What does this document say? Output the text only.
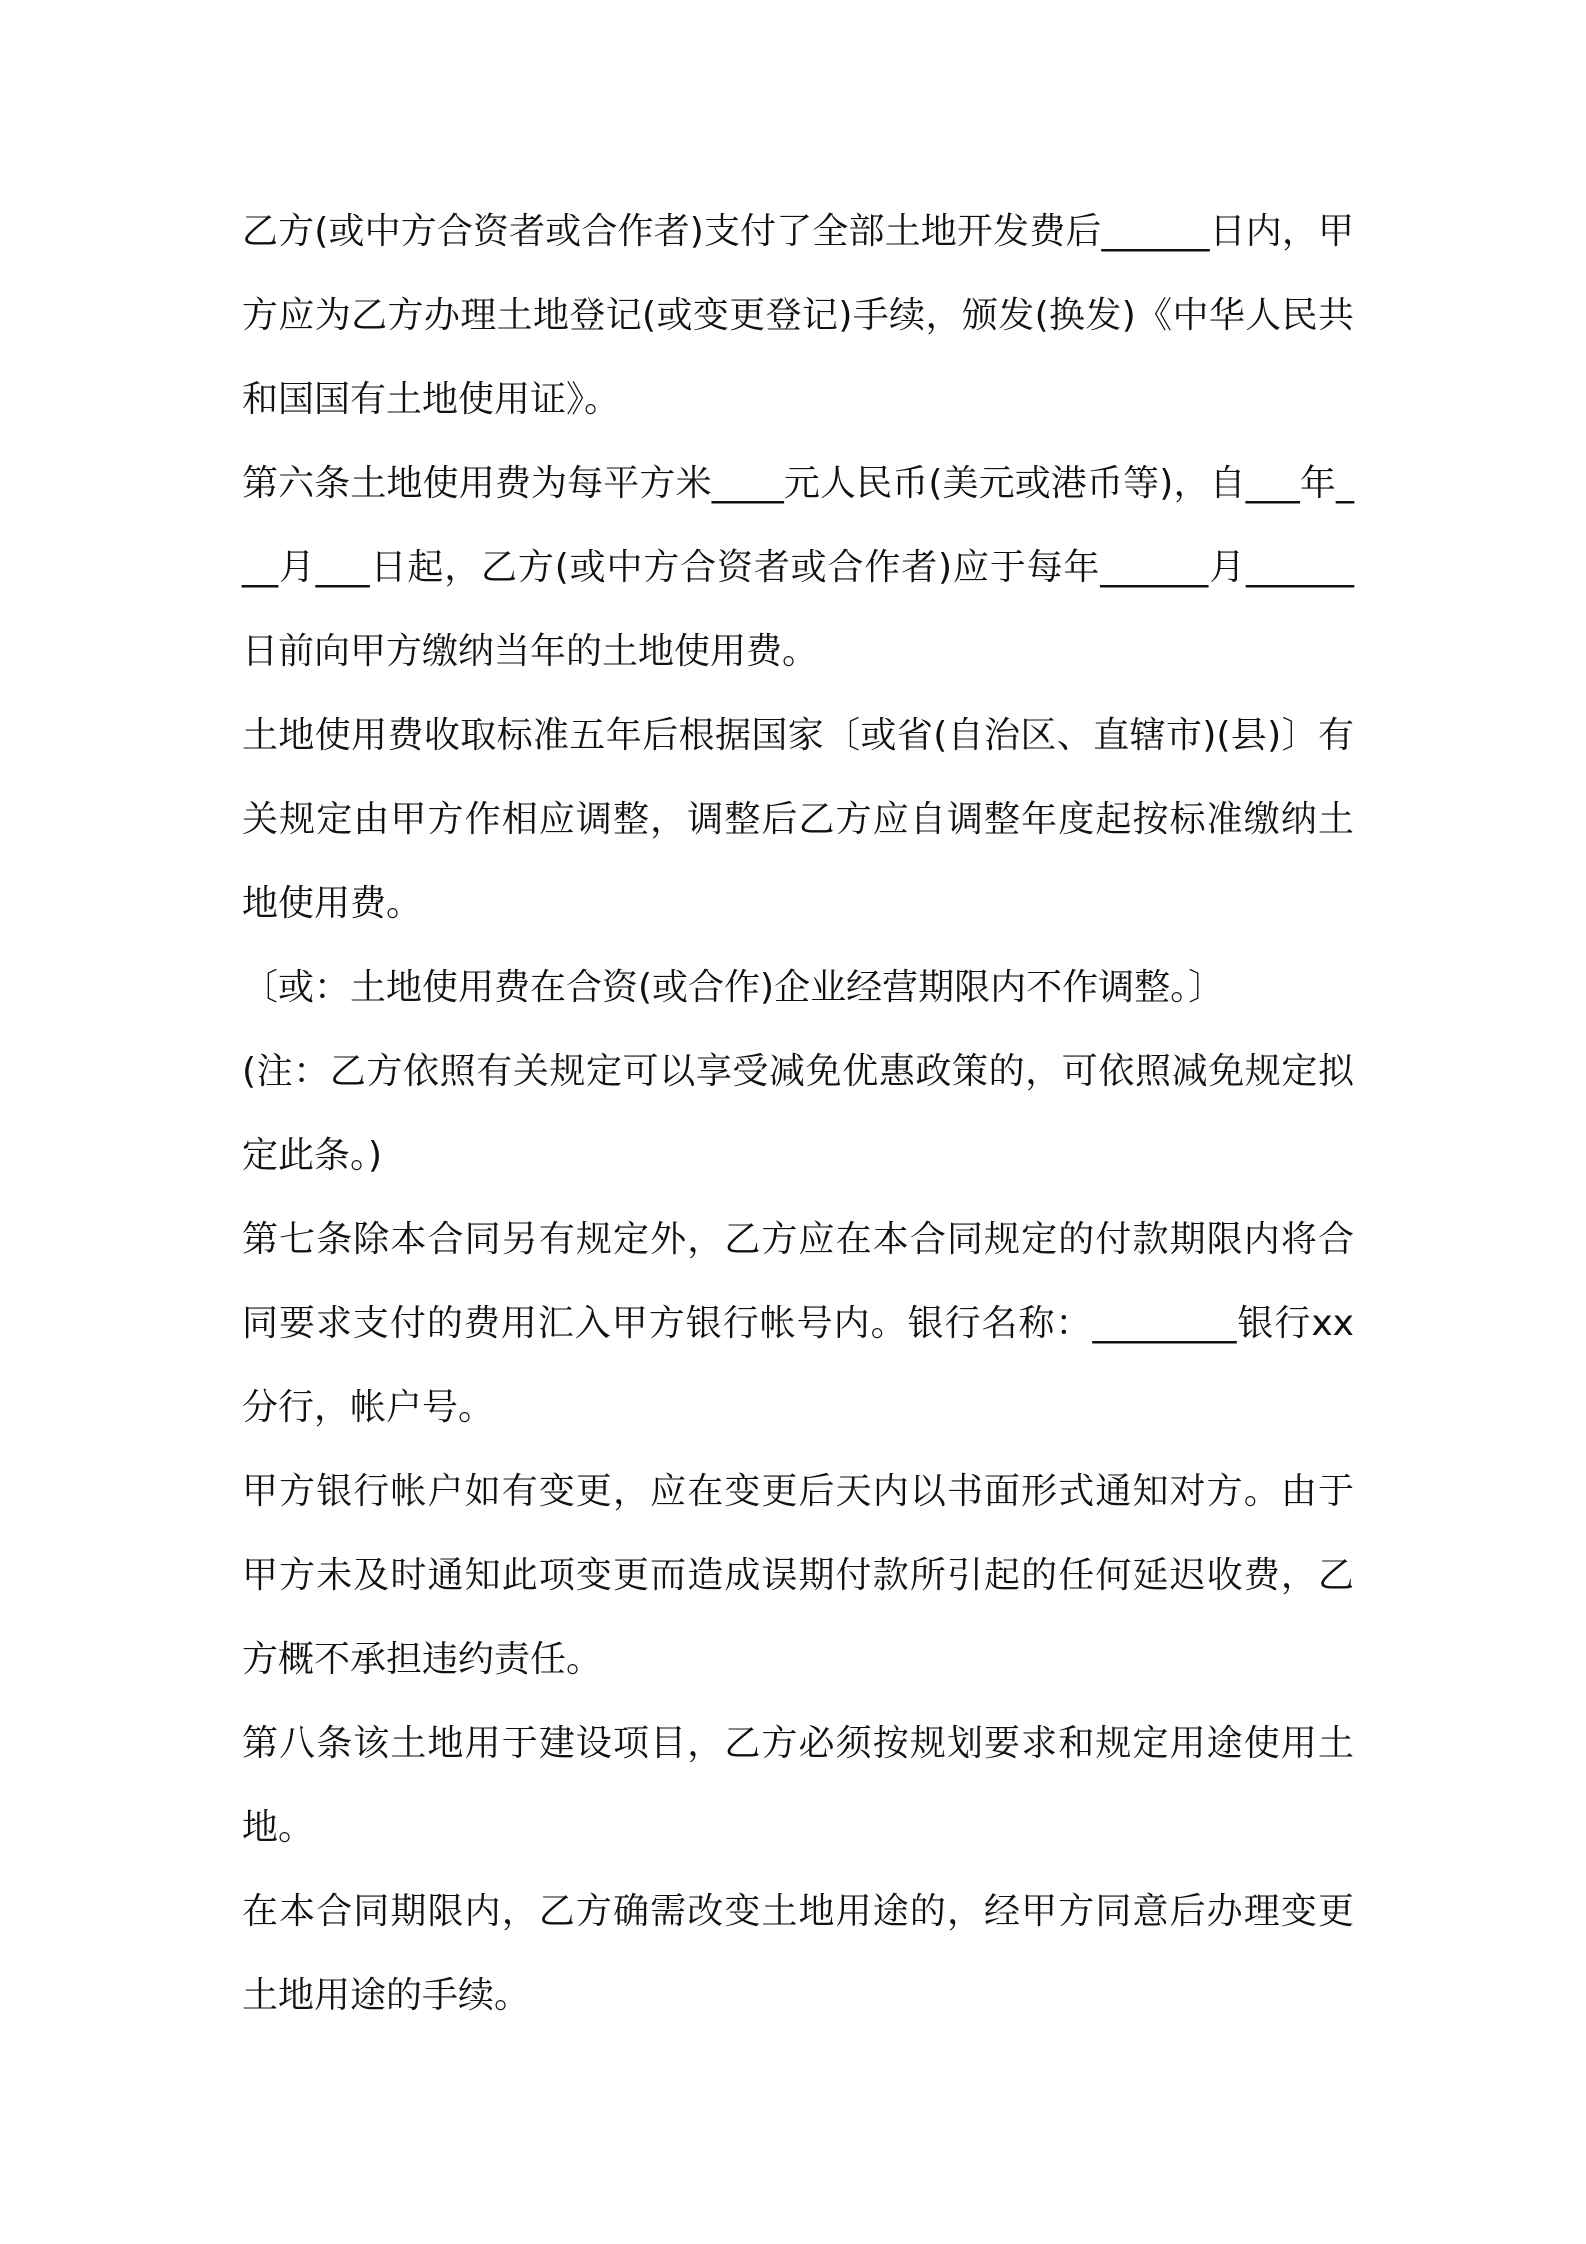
乙方(或中方合资者或合作者)支付了全部土地开发费后______日内，甲方应为乙方办理土地登记(或变更登记)手续，颁发(换发)《中华人民共和国国有土地使用证》。

第六条土地使用费为每平方米____元人民币(美元或港币等)，自___年___月___日起，乙方(或中方合资者或合作者)应于每年______月______日前向甲方缴纳当年的土地使用费。

土地使用费收取标准五年后根据国家〔或省(自治区、直辖市)(县)〕有关规定由甲方作相应调整，调整后乙方应自调整年度起按标准缴纳土地使用费。

〔或：土地使用费在合资(或合作)企业经营期限内不作调整。〕

(注：乙方依照有关规定可以享受减免优惠政策的，可依照减免规定拟定此条。)

第七条除本合同另有规定外，乙方应在本合同规定的付款期限内将合同要求支付的费用汇入甲方银行帐号内。银行名称：________银行xx分行，帐户号。

甲方银行帐户如有变更，应在变更后天内以书面形式通知对方。由于甲方未及时通知此项变更而造成误期付款所引起的任何延迟收费，乙方概不承担违约责任。

第八条该土地用于建设项目，乙方必须按规划要求和规定用途使用土地。

在本合同期限内，乙方确需改变土地用途的，经甲方同意后办理变更土地用途的手续。
